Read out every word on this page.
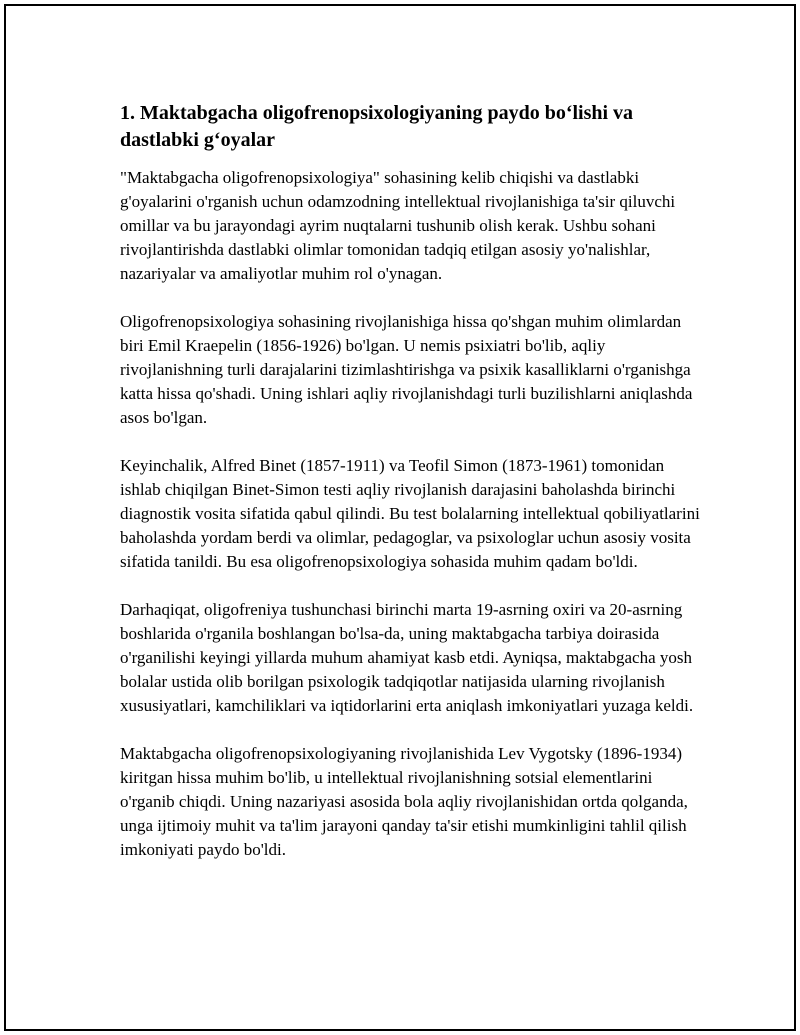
1. Maktabgacha oligofrenopsixologiyaning paydo bo‘lishi va dastlabki g‘oyalar

"Maktabgacha oligofrenopsixologiya" sohasining kelib chiqishi va dastlabki g'oyalarini o'rganish uchun odamzodning intellektual rivojlanishiga ta'sir qiluvchi omillar va bu jarayondagi ayrim nuqtalarni tushunib olish kerak. Ushbu sohani rivojlantirishda dastlabki olimlar tomonidan tadqiq etilgan asosiy yo'nalishlar, nazariyalar va amaliyotlar muhim rol o'ynagan.

Oligofrenopsixologiya sohasining rivojlanishiga hissa qo'shgan muhim olimlardan biri Emil Kraepelin (1856-1926) bo'lgan. U nemis psixiatri bo'lib, aqliy rivojlanishning turli darajalarini tizimlashtirishga va psixik kasalliklarni o'rganishga katta hissa qo'shadi. Uning ishlari aqliy rivojlanishdagi turli buzilishlarni aniqlashda asos bo'lgan.

Keyinchalik, Alfred Binet (1857-1911) va Teofil Simon (1873-1961) tomonidan ishlab chiqilgan Binet-Simon testi aqliy rivojlanish darajasini baholashda birinchi diagnostik vosita sifatida qabul qilindi. Bu test bolalarning intellektual qobiliyatlarini baholashda yordam berdi va olimlar, pedagoglar, va psixologlar uchun asosiy vosita sifatida tanildi. Bu esa oligofrenopsixologiya sohasida muhim qadam bo'ldi.

Darhaqiqat, oligofreniya tushunchasi birinchi marta 19-asrning oxiri va 20-asrning boshlarida o'rganila boshlangan bo'lsa-da, uning maktabgacha tarbiya doirasida o'rganilishi keyingi yillarda muhum ahamiyat kasb etdi. Ayniqsa, maktabgacha yosh bolalar ustida olib borilgan psixologik tadqiqotlar natijasida ularning rivojlanish xususiyatlari, kamchiliklari va iqtidorlarini erta aniqlash imkoniyatlari yuzaga keldi.

Maktabgacha oligofrenopsixologiyaning rivojlanishida Lev Vygotsky (1896-1934) kiritgan hissa muhim bo'lib, u intellektual rivojlanishning sotsial elementlarini o'rganib chiqdi. Uning nazariyasi asosida bola aqliy rivojlanishidan ortda qolganda, unga ijtimoiy muhit va ta'lim jarayoni qanday ta'sir etishi mumkinligini tahlil qilish imkoniyati paydo bo'ldi.
